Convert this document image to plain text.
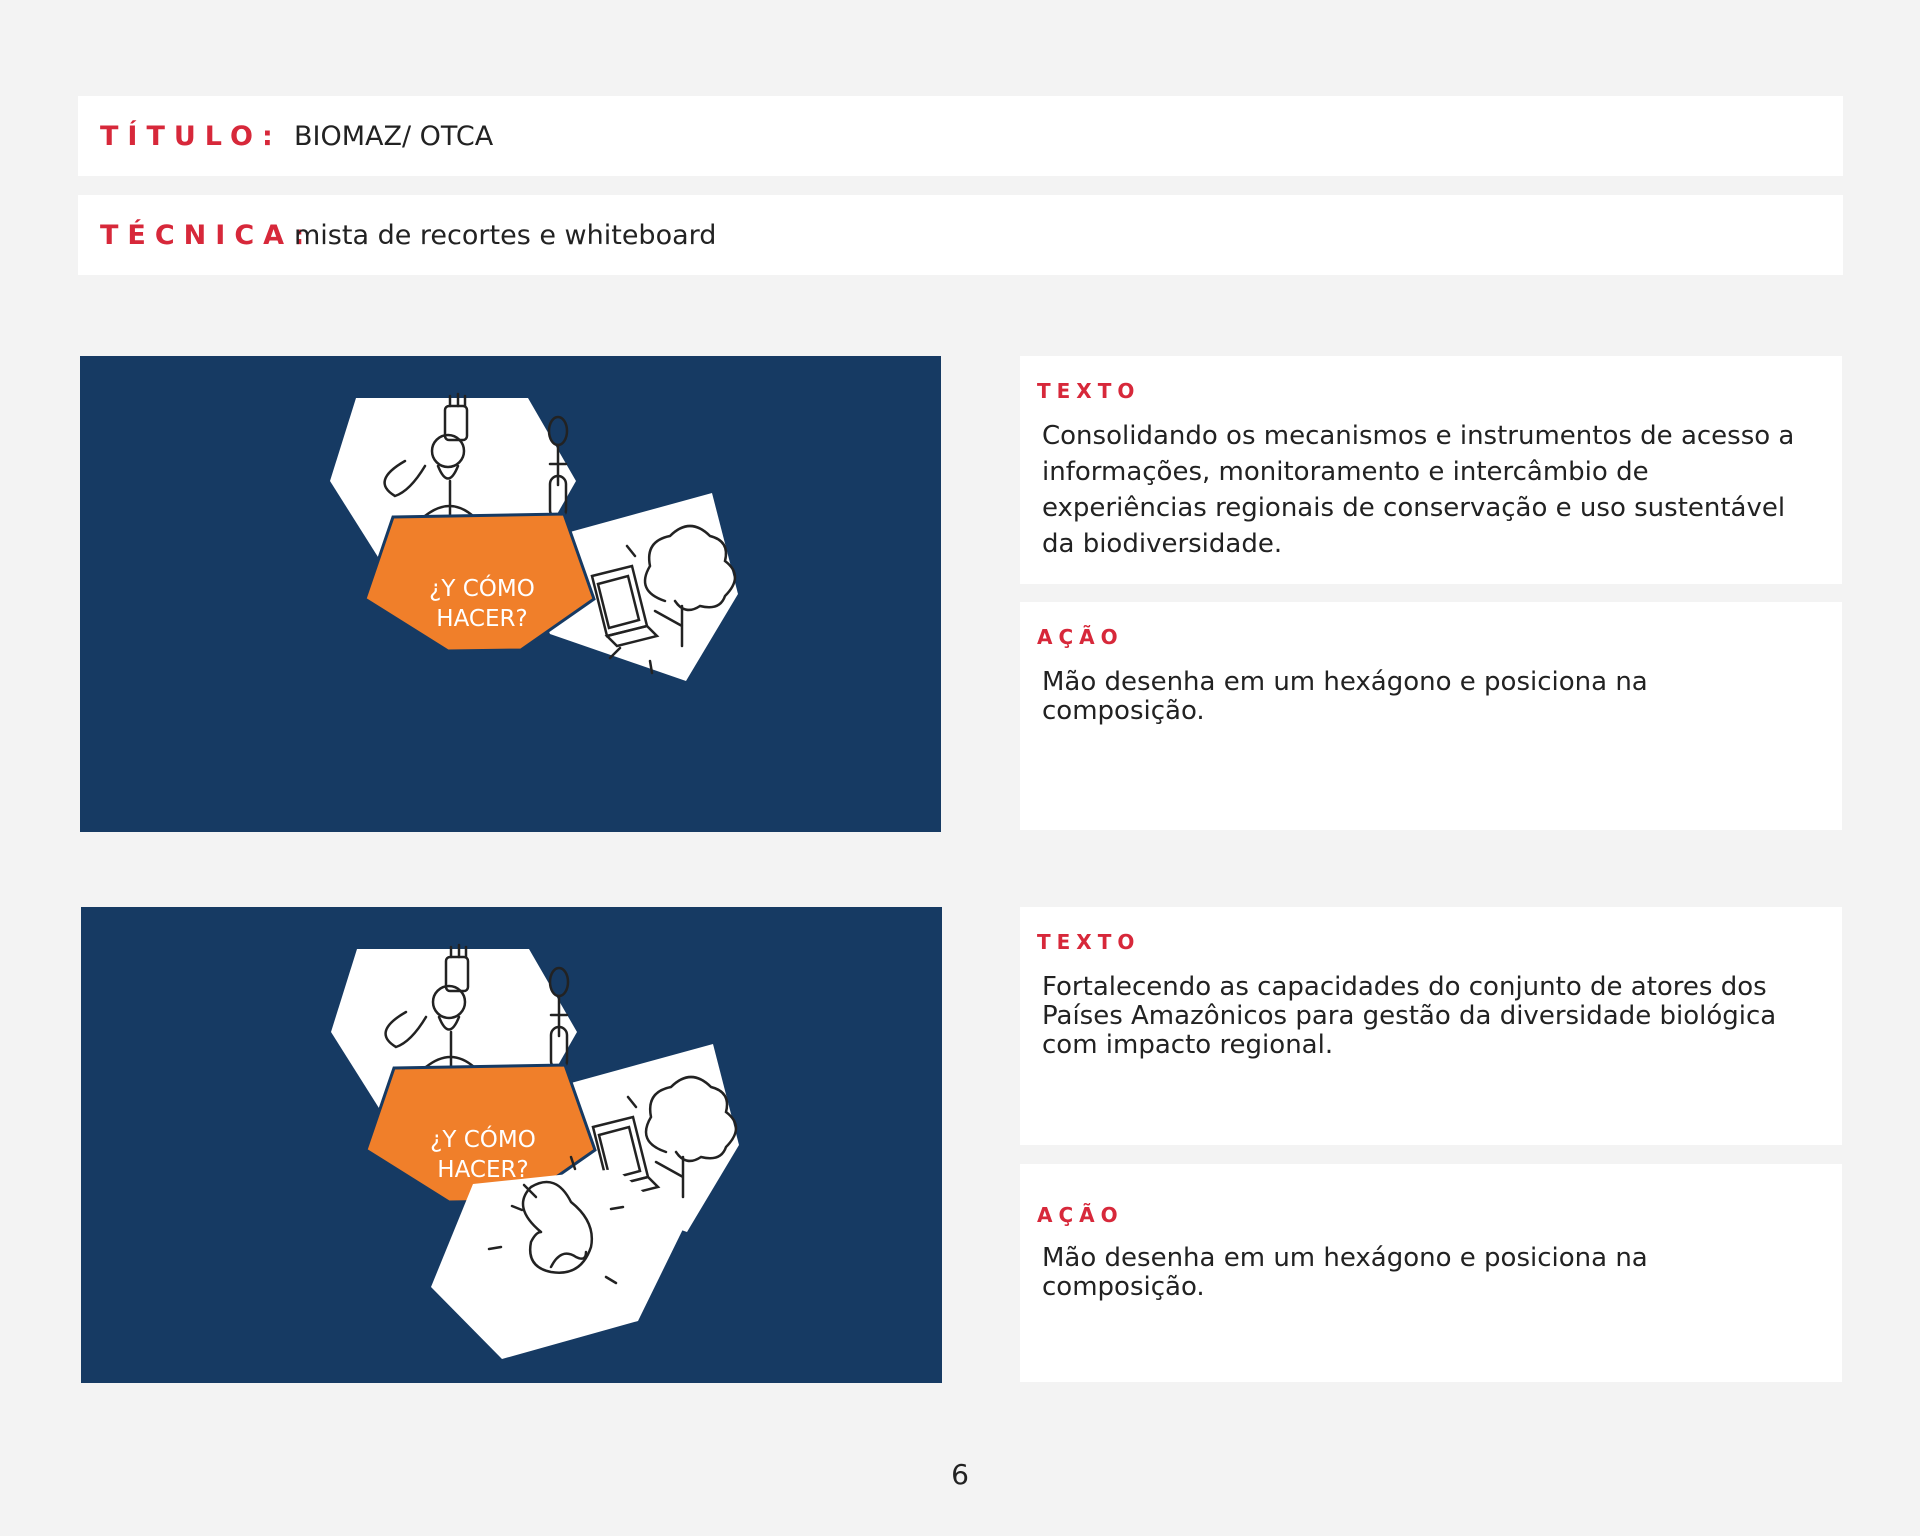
TÍTULO: BIOMAZ/ OTCA
TÉCNICA:
mista de recortes e whiteboard
¿Y CÓMO
HACER?
TEXTO
Consolidando os mecanismos e instrumentos de acesso a informações, monitoramento e intercâmbio de experiências regionais de conservação e uso sustentável da biodiversidade.
AÇÃO
Mão desenha em um hexágono e posiciona na composição.
¿Y CÓMO
HACER?
TEXTO
Fortalecendo as capacidades do conjunto de atores dos Países Amazônicos para gestão da diversidade biológica com impacto regional.
AÇÃO
Mão desenha em um hexágono e posiciona na composição.
6
